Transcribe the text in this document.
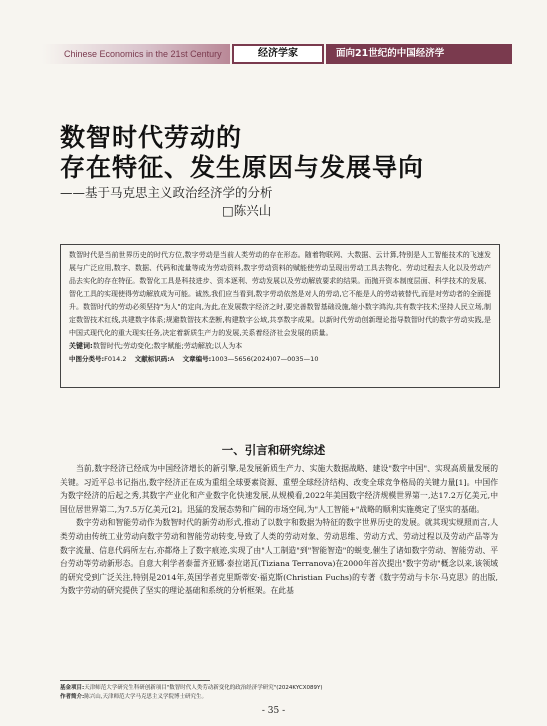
Chinese Economics in the 21st Century	经济学家	面向21世纪的中国经济学
数智时代劳动的
存在特征、发生原因与发展导向
——基于马克思主义政治经济学的分析
□陈兴山

数智时代是当前世界历史的时代方位,数字劳动是当前人类劳动的存在形态。随着物联网、大数据、云计算,特别是人工智能技术的飞速发展与广泛应用,数字、数据、代码和流量等成为劳动资料,数字劳动资料的赋能使劳动呈现出劳动工具去物化、劳动过程去人化以及劳动产品去实化的存在特征。数智化工具是科技进步、资本逐利、劳动发展以及劳动解放要求的结果。而抛开资本制度层面、科学技术的发展、智化工具的实现使得劳动解放成为可能。诚然,我们应当看到,数字劳动依然是对人的劳动,它不能是人的劳动被替代,而是对劳动者的全面提升。数智时代的劳动必须坚持"为人"的定向,为此,在发展数字经济之时,要完善数智基础设施,缩小数字鸿沟,共有数字技术;坚持人民立场,制定数智技术红线,共建数字体系;规避数智技术垄断,构建数字公域,共享数字成果。以新时代劳动创新理论指导数智时代的数字劳动实践,是中国式现代化的重大现实任务,决定着新质生产力的发展,关系着经济社会发展的质量。

关键词:数智时代;劳动变化;数字赋能;劳动解放;以人为本

中图分类号:F014.2 文献标识码:A 文章编号:1003—5656(2024)07—0035—10

一、引言和研究综述

当前,数字经济已经成为中国经济增长的新引擎,是发展新质生产力、实施大数据战略、建设"数字中国"、实现高质量发展的关键。习近平总书记指出,数字经济正在成为重组全球要素资源、重塑全球经济结构、改变全球竞争格局的关键力量[1]。中国作为数字经济的后起之秀,其数字产业化和产业数字化快速发展,从规模看,2022年美国数字经济规模世界第一,达17.2万亿美元,中国位居世界第二,为7.5万亿美元[2]。迅猛的发展态势和广阔的市场空间,为"人工智能+"战略的顺利实施奠定了坚实的基础。

数字劳动和智能劳动作为数智时代的新劳动形式,推动了以数字和数据为特征的数字世界历史的发展。就其现实规照而言,人类劳动由传统工业劳动向数字劳动和智能劳动转变,导致了人类的劳动对象、劳动思维、劳动方式、劳动过程以及劳动产品等为数字流量、信息代码所左右,亦都烙上了数字痕迹,实现了由"人工制造"到"智能智造"的蜕变,催生了诸如数字劳动、智能劳动、平台劳动等劳动新形态。自意大利学者泰蕾齐亚娜·泰拉诺瓦(Tiziana Terranova)在2000年首次提出"数字劳动"概念以来,该领域的研究受到广泛关注,特别是2014年,英国学者克里斯蒂安·福克斯(Christian Fuchs)的专著《数字劳动与卡尔·马克思》的出版,为数字劳动的研究提供了坚实的理论基础和系统的分析框架。在此基

基金项目:天津师范大学研究生科研创新项目"数智时代人类劳动新变化的政治经济学研究"(2024KYCX089Y)
作者简介:陈兴山,天津师范大学马克思主义学院博士研究生。
- 35 -
